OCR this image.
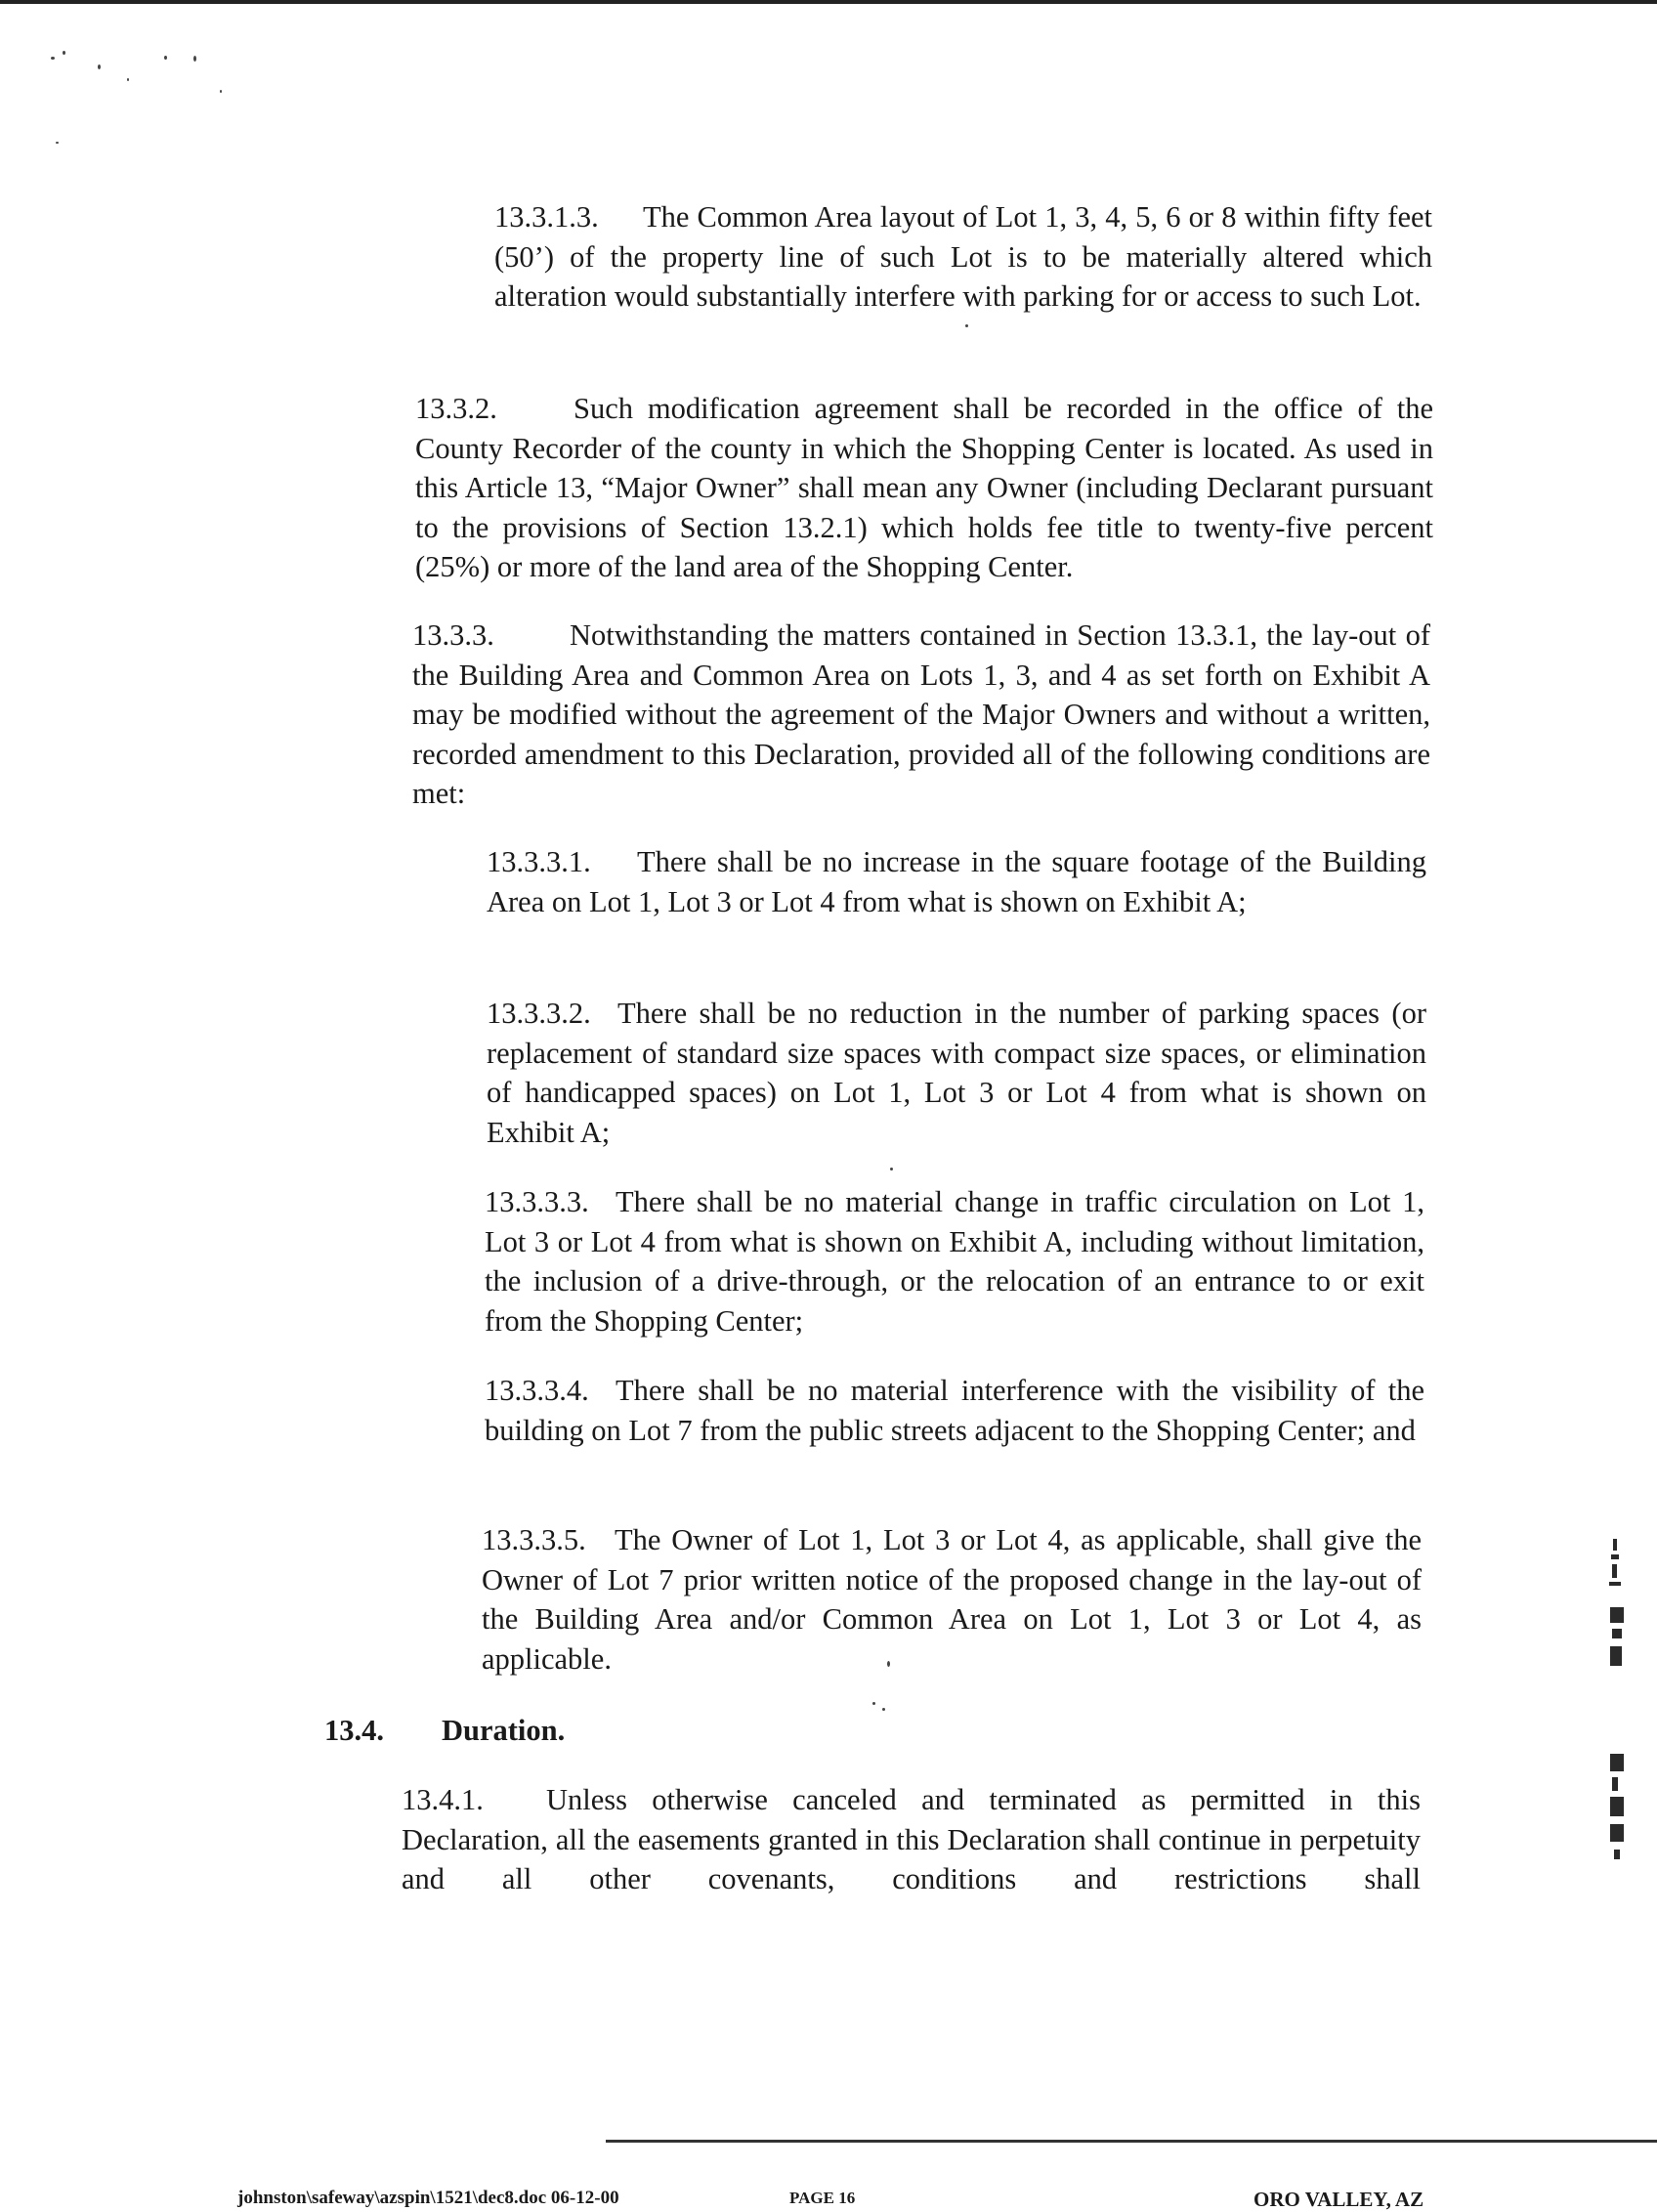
13.3.1.3. The Common Area layout of Lot 1, 3, 4, 5, 6 or 8 within fifty feet (50’) of the property line of such Lot is to be materially altered which alteration would substantially interfere with parking for or access to such Lot.

13.3.2.	Such modification agreement shall be recorded in the office of the County Recorder of the county in which the Shopping Center is located. As used in this Article 13, “Major Owner” shall mean any Owner (including Declarant pursuant to the provisions of Section 13.2.1) which holds fee title to twenty-five percent (25%) or more of the land area of the Shopping Center.

13.3.3.	Notwithstanding the matters contained in Section 13.3.1, the lay-out of the Building Area and Common Area on Lots 1, 3, and 4 as set forth on Exhibit A may be modified without the agreement of the Major Owners and without a written, recorded amendment to this Declaration, provided all of the following conditions are met:

13.3.3.1. There shall be no increase in the square footage of the Building Area on Lot 1, Lot 3 or Lot 4 from what is shown on Exhibit A;

13.3.3.2. There shall be no reduction in the number of parking spaces (or replacement of standard size spaces with compact size spaces, or elimination of handicapped spaces) on Lot 1, Lot 3 or Lot 4 from what is shown on Exhibit A;

13.3.3.3. There shall be no material change in traffic circulation on Lot 1, Lot 3 or Lot 4 from what is shown on Exhibit A, including without limitation, the inclusion of a drive-through, or the relocation of an entrance to or exit from the Shopping Center;

13.3.3.4. There shall be no material interference with the visibility of the building on Lot 7 from the public streets adjacent to the Shopping Center; and

13.3.3.5. The Owner of Lot 1, Lot 3 or Lot 4, as applicable, shall give the Owner of Lot 7 prior written notice of the proposed change in the lay-out of the Building Area and/or Common Area on Lot 1, Lot 3 or Lot 4, as applicable.

13.4. Duration.

13.4.1. Unless otherwise canceled and terminated as permitted in this Declaration, all the easements granted in this Declaration shall continue in perpetuity and all other covenants, conditions and restrictions shall

johnston\safeway\azspin\1521\dec8.doc 06-12-00	PAGE 16	ORO VALLEY, AZ
